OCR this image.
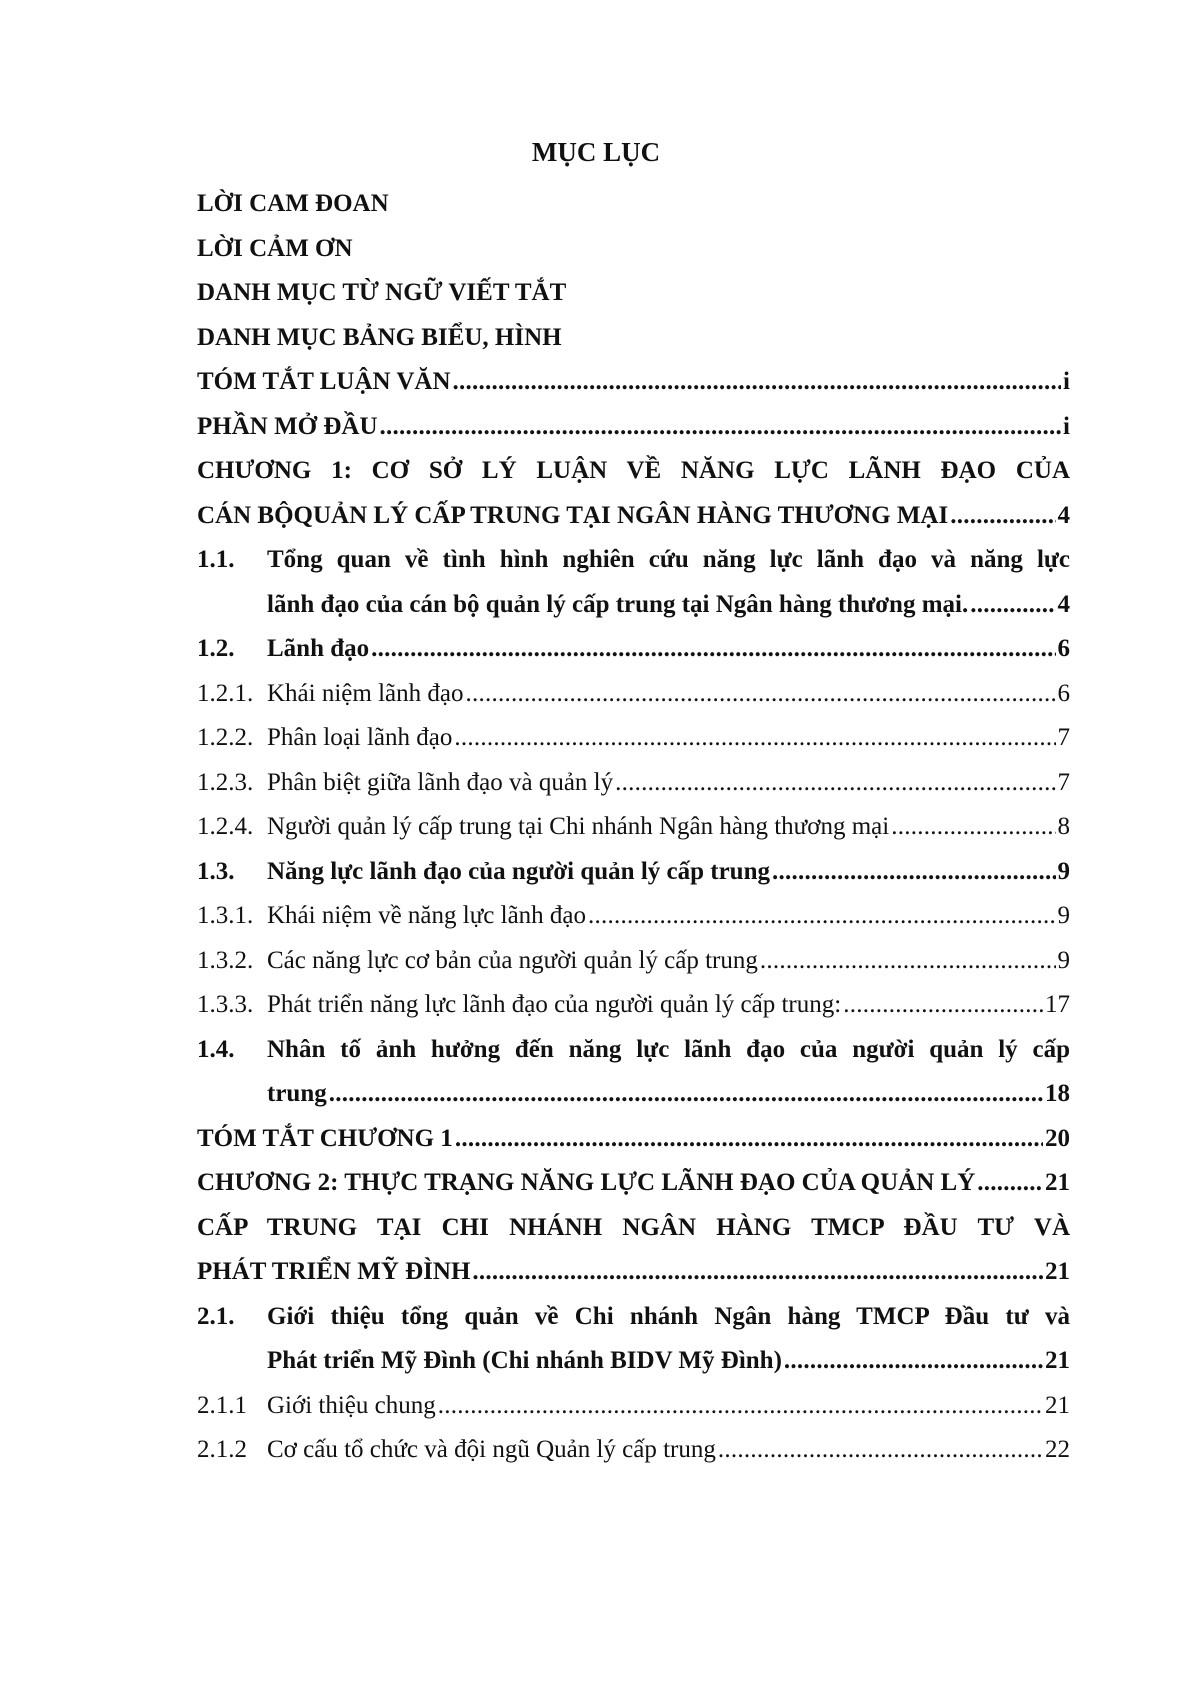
MỤC LỤC
LỜI CAM ĐOAN
LỜI CẢM ƠN
DANH MỤC TỪ NGỮ VIẾT TẮT
DANH MỤC BẢNG BIỂU, HÌNH
TÓM TẮT LUẬN VĂN . . .	i
PHẦN MỞ ĐẦU . . .	i
CHƯƠNG 1: CƠ SỞ LÝ LUẬN VỀ NĂNG LỰC LÃNH ĐẠO CỦA
CÁN BỘQUẢN LÝ CẤP TRUNG TẠI NGÂN HÀNG THƯƠNG MẠI . . .	4
1.1. Tổng quan về tình hình nghiên cứu năng lực lãnh đạo và năng lực
lãnh đạo của cán bộ quản lý cấp trung tại Ngân hàng thương mại. . . .	4
1.2. Lãnh đạo . . .	6
1.2.1. Khái niệm lãnh đạo . . .	6
1.2.2. Phân loại lãnh đạo . . .	7
1.2.3. Phân biệt giữa lãnh đạo và quản lý . . .	7
1.2.4. Người quản lý cấp trung tại Chi nhánh Ngân hàng thương mại . . .	8
1.3. Năng lực lãnh đạo của người quản lý cấp trung . . .	9
1.3.1. Khái niệm về năng lực lãnh đạo . . .	9
1.3.2. Các năng lực cơ bản của người quản lý cấp trung . . .	9
1.3.3. Phát triển năng lực lãnh đạo của người quản lý cấp trung: . . .	17
1.4. Nhân tố ảnh hưởng đến năng lực lãnh đạo của người quản lý cấp
trung . . .	18
TÓM TẮT CHƯƠNG 1 . . .	20
CHƯƠNG 2: THỰC TRẠNG NĂNG LỰC LÃNH ĐẠO CỦA QUẢN LÝ . . .	21
CẤP TRUNG TẠI CHI NHÁNH NGÂN HÀNG TMCP ĐẦU TƯ VÀ
PHÁT TRIỂN MỸ ĐÌNH . . .	21
2.1. Giới thiệu tổng quản về Chi nhánh Ngân hàng TMCP Đầu tư và
Phát triển Mỹ Đình (Chi nhánh BIDV Mỹ Đình) . . .	21
2.1.1 Giới thiệu chung . . .	21
2.1.2 Cơ cấu tổ chức và đội ngũ Quản lý cấp trung . . .	22
